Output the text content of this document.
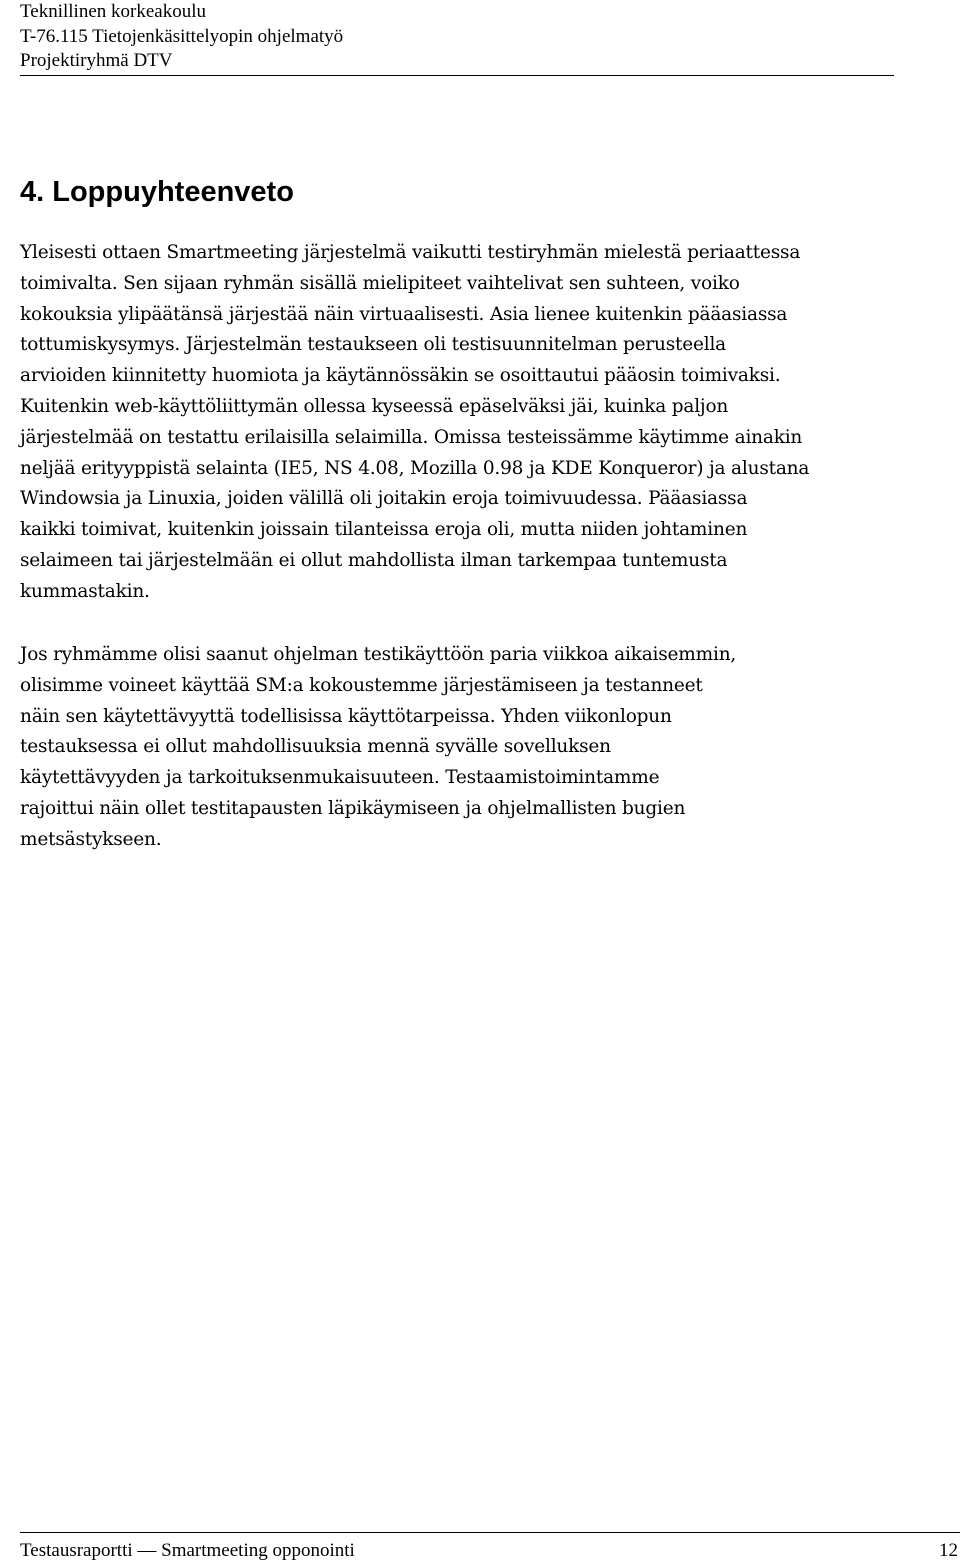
Teknillinen korkeakoulu
T-76.115 Tietojenkäsittelyopin ohjelmatyö
Projektiryhmä DTV
4. Loppuyhteenveto
Yleisesti ottaen Smartmeeting järjestelmä vaikutti testiryhmän mielestä periaattessa
toimivalta. Sen sijaan ryhmän sisällä mielipiteet vaihtelivat sen suhteen, voiko
kokouksia ylipäätänsä järjestää näin virtuaalisesti. Asia lienee kuitenkin pääasiassa
tottumiskysymys. Järjestelmän testaukseen oli testisuunnitelman perusteella
arvioiden kiinnitetty huomiota ja käytännössäkin se osoittautui pääosin toimivaksi.
Kuitenkin web-käyttöliittymän ollessa kyseessä epäselväksi jäi, kuinka paljon
järjestelmää on testattu erilaisilla selaimilla. Omissa testeissämme käytimme ainakin
neljää erityyppistä selainta (IE5, NS 4.08, Mozilla 0.98 ja KDE Konqueror) ja alustana
Windowsia ja Linuxia, joiden välillä oli joitakin eroja toimivuudessa. Pääasiassa
kaikki toimivat, kuitenkin joissain tilanteissa eroja oli, mutta niiden johtaminen
selaimeen tai järjestelmään ei ollut mahdollista ilman tarkempaa tuntemusta
kummastakin.
Jos ryhmämme olisi saanut ohjelman testikäyttöön paria viikkoa aikaisemmin,
olisimme voineet käyttää SM:a kokoustemme järjestämiseen ja testanneet
näin sen käytettävyyttä todellisissa käyttötarpeissa. Yhden viikonlopun
testauksessa ei ollut mahdollisuuksia mennä syvälle sovelluksen
käytettävyyden ja tarkoituksenmukaisuuteen. Testaamistoimintamme
rajoittui näin ollet testitapausten läpikäymiseen ja ohjelmallisten bugien
metsästykseen.
Testausraportti — Smartmeeting opponointi	12
